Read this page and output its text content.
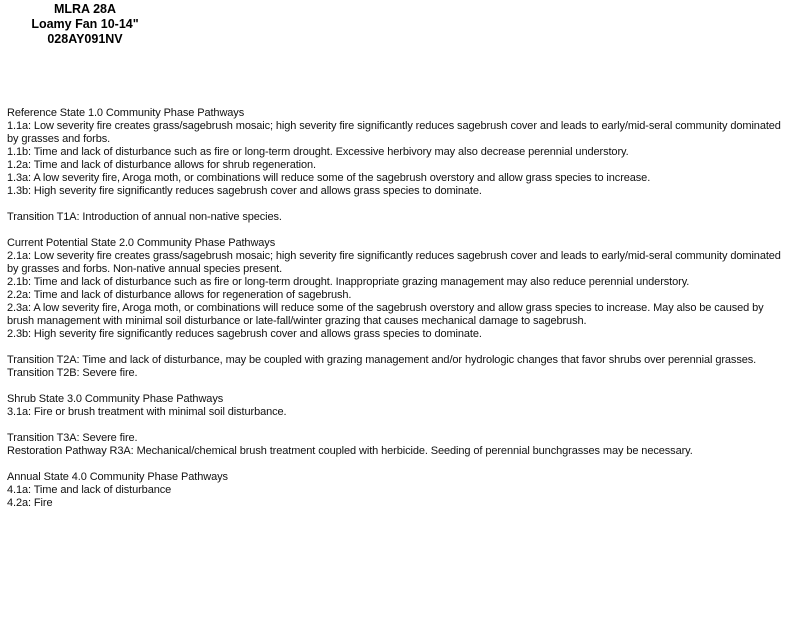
MLRA 28A
Loamy Fan 10-14"
028AY091NV

Reference State 1.0 Community Phase Pathways

1.1a: Low severity fire creates grass/sagebrush mosaic; high severity fire significantly reduces sagebrush cover and leads to early/mid-seral community dominated by grasses and forbs.

1.1b: Time and lack of disturbance such as fire or long-term drought. Excessive herbivory may also decrease perennial understory.

1.2a: Time and lack of disturbance allows for shrub regeneration.

1.3a: A low severity fire, Aroga moth, or combinations will reduce some of the sagebrush overstory and allow grass species to increase.

1.3b: High severity fire significantly reduces sagebrush cover and allows grass species to dominate.

Transition T1A: Introduction of annual non-native species.

Current Potential State 2.0 Community Phase Pathways

2.1a: Low severity fire creates grass/sagebrush mosaic; high severity fire significantly reduces sagebrush cover and leads to early/mid-seral community dominated by grasses and forbs. Non-native annual species present.

2.1b: Time and lack of disturbance such as fire or long-term drought. Inappropriate grazing management may also reduce perennial understory.

2.2a: Time and lack of disturbance allows for regeneration of sagebrush.

2.3a: A low severity fire, Aroga moth, or combinations will reduce some of the sagebrush overstory and allow grass species to increase. May also be caused by brush management with minimal soil disturbance or late-fall/winter grazing that causes mechanical damage to sagebrush.

2.3b: High severity fire significantly reduces sagebrush cover and allows grass species to dominate.

Transition T2A: Time and lack of disturbance, may be coupled with grazing management and/or hydrologic changes that favor shrubs over perennial grasses.

Transition T2B: Severe fire.

Shrub State 3.0 Community Phase Pathways

3.1a: Fire or brush treatment with minimal soil disturbance.

Transition T3A: Severe fire.

Restoration Pathway R3A: Mechanical/chemical brush treatment coupled with herbicide. Seeding of perennial bunchgrasses may be necessary.

Annual State 4.0 Community Phase Pathways

4.1a: Time and lack of disturbance

4.2a: Fire
